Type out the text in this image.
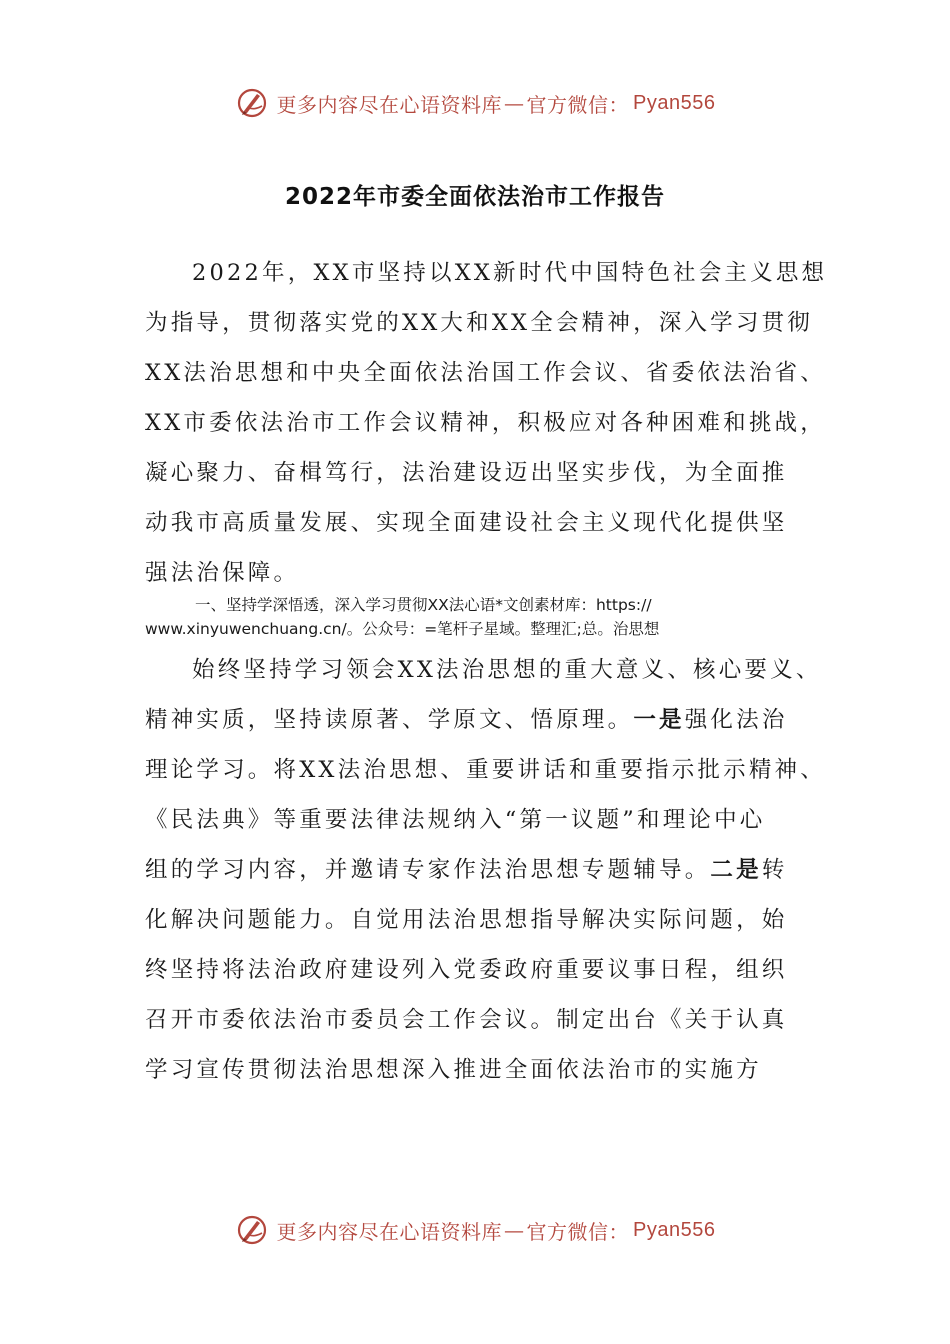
更多内容尽在心语资料库 — 官方微信： Pyan556
2022年市委全面依法治市工作报告
2022年，XX市坚持以XX新时代中国特色社会主义思想
为指导，贯彻落实党的XX大和XX全会精神，深入学习贯彻
XX法治思想和中央全面依法治国工作会议、省委依法治省、
XX市委依法治市工作会议精神，积极应对各种困难和挑战，
凝心聚力、奋楫笃行，法治建设迈出坚实步伐，为全面推
动我市高质量发展、实现全面建设社会主义现代化提供坚
强法治保障。
一、坚持学深悟透，深入学习贯彻XX法心语*文创素材库：https://
www.xinyuwenchuang.cn/。公众号：=笔杆子星域。整理汇;总。治思想
始终坚持学习领会XX法治思想的重大意义、核心要义、
精神实质，坚持读原著、学原文、悟原理。一是强化法治
理论学习。将XX法治思想、重要讲话和重要指示批示精神、
《民法典》等重要法律法规纳入“第一议题”和理论中心
组的学习内容，并邀请专家作法治思想专题辅导。二是转
化解决问题能力。自觉用法治思想指导解决实际问题，始
终坚持将法治政府建设列入党委政府重要议事日程，组织
召开市委依法治市委员会工作会议。制定出台《关于认真
学习宣传贯彻法治思想深入推进全面依法治市的实施方
更多内容尽在心语资料库 — 官方微信： Pyan556
